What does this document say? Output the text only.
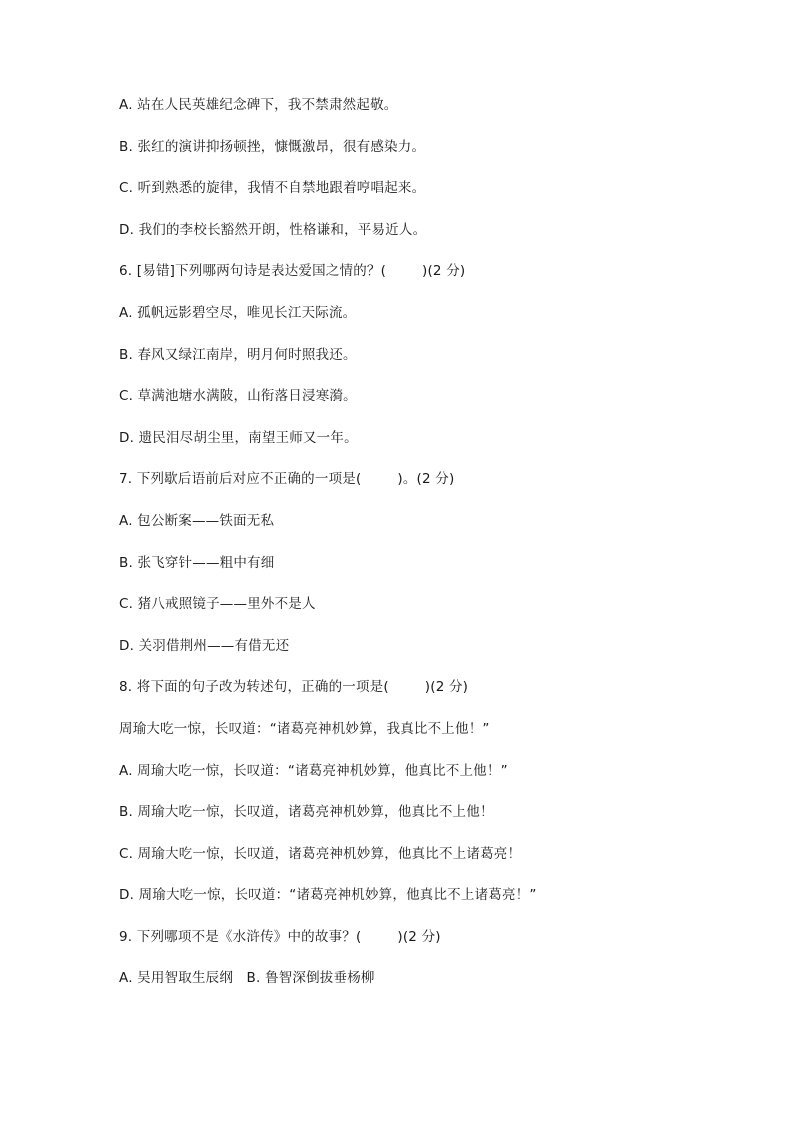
A. 站在人民英雄纪念碑下，我不禁肃然起敬。
B. 张红的演讲抑扬顿挫，慷慨激昂，很有感染力。
C. 听到熟悉的旋律，我情不自禁地跟着哼唱起来。
D. 我们的李校长豁然开朗，性格谦和，平易近人。
6. [易错]下列哪两句诗是表达爱国之情的？(        )(2 分)
A. 孤帆远影碧空尽，唯见长江天际流。
B. 春风又绿江南岸，明月何时照我还。
C. 草满池塘水满陂，山衔落日浸寒漪。
D. 遗民泪尽胡尘里，南望王师又一年。
7. 下列歇后语前后对应不正确的一项是(        )。(2 分)
A. 包公断案——铁面无私
B. 张飞穿针——粗中有细
C. 猪八戒照镜子——里外不是人
D. 关羽借荆州——有借无还
8. 将下面的句子改为转述句，正确的一项是(        )(2 分)
周瑜大吃一惊，长叹道：“诸葛亮神机妙算，我真比不上他！”
A. 周瑜大吃一惊，长叹道：“诸葛亮神机妙算，他真比不上他！”
B. 周瑜大吃一惊，长叹道，诸葛亮神机妙算，他真比不上他！
C. 周瑜大吃一惊，长叹道，诸葛亮神机妙算，他真比不上诸葛亮！
D. 周瑜大吃一惊，长叹道：“诸葛亮神机妙算，他真比不上诸葛亮！”
9. 下列哪项不是《水浒传》中的故事？(        )(2 分)
A. 吴用智取生辰纲   B. 鲁智深倒拔垂杨柳
